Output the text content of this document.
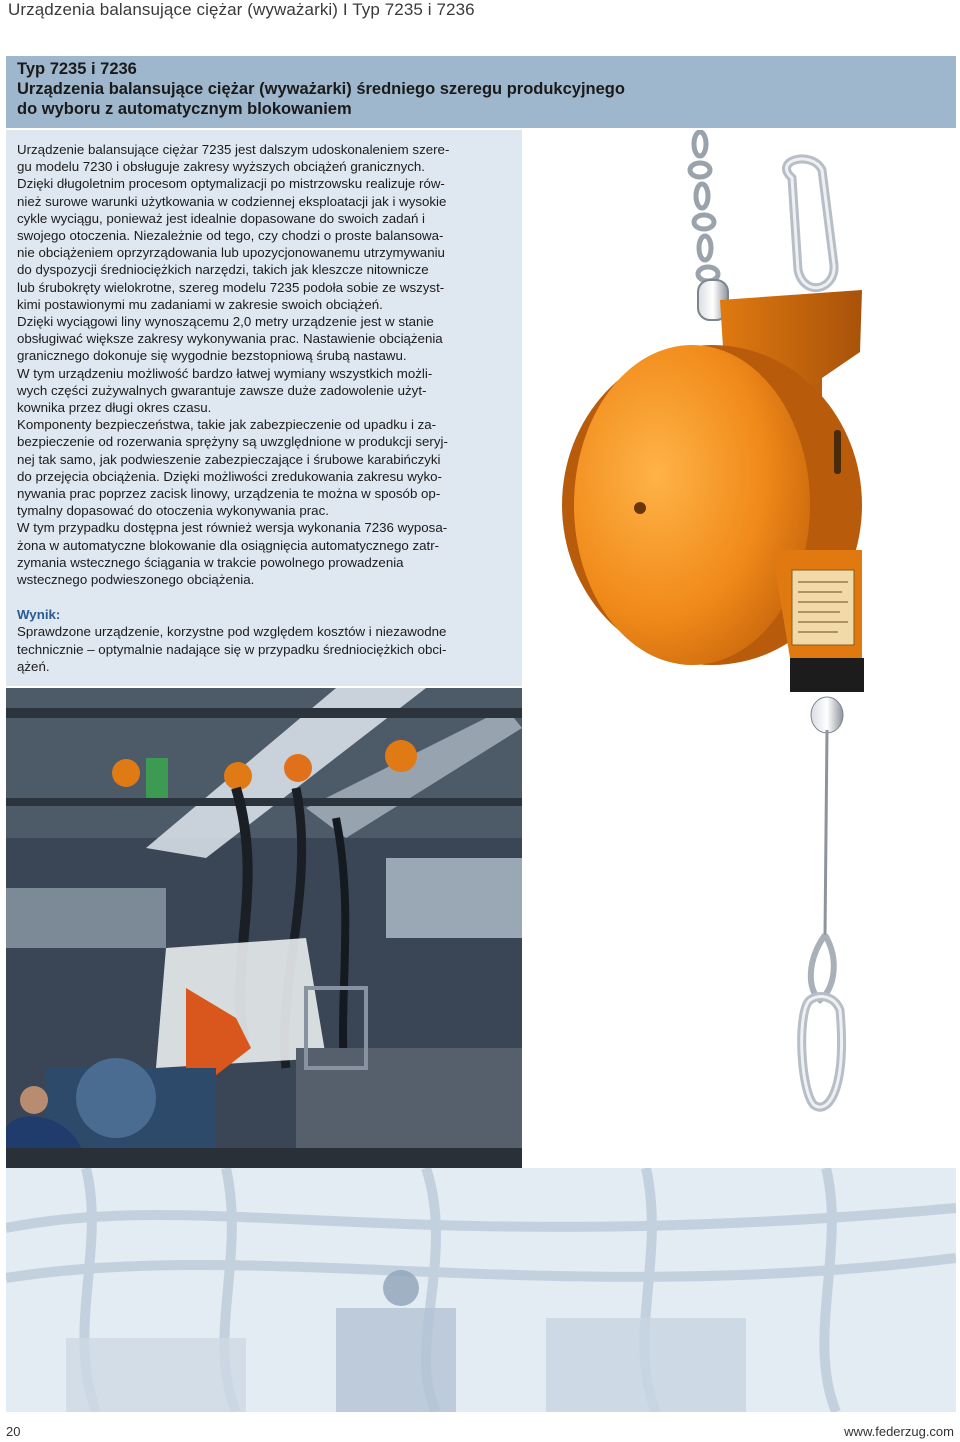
Urządzenia balansujące ciężar (wyważarki) I Typ 7235 i 7236
Typ 7235 i 7236
Urządzenia balansujące ciężar (wyważarki) średniego szeregu produkcyjnego
do wyboru z automatycznym blokowaniem

Urządzenie balansujące ciężar 7235 jest dalszym udoskonaleniem szere-

gu modelu 7230 i obsługuje zakresy wyższych obciążeń granicznych.

Dzięki długoletnim procesom optymalizacji po mistrzowsku realizuje rów-

nież surowe warunki użytkowania w codziennej eksploatacji jak i wysokie

cykle wyciągu, ponieważ jest idealnie dopasowane do swoich zadań i

swojego otoczenia. Niezależnie od tego, czy chodzi o proste balansowa-

nie obciążeniem oprzyrządowania lub upozycjonowanemu utrzymywaniu

do dyspozycji średniociężkich narzędzi, takich jak kleszcze nitownicze

lub śrubokręty wielokrotne, szereg modelu 7235 podoła sobie ze wszyst-

kimi postawionymi mu zadaniami w zakresie swoich obciążeń.

Dzięki wyciągowi liny wynoszącemu 2,0 metry urządzenie jest w stanie

obsługiwać większe zakresy wykonywania prac. Nastawienie obciążenia

granicznego dokonuje się wygodnie bezstopniową śrubą nastawu.

W tym urządzeniu możliwość bardzo łatwej wymiany wszystkich możli-

wych części zużywalnych gwarantuje zawsze duże zadowolenie użyt-

kownika przez długi okres czasu.

Komponenty bezpieczeństwa, takie jak zabezpieczenie od upadku i za-

bezpieczenie od rozerwania sprężyny są uwzględnione w produkcji seryj-

nej tak samo, jak podwieszenie zabezpieczające i śrubowe karabińczyki

do przejęcia obciążenia. Dzięki możliwości zredukowania zakresu wyko-

nywania prac poprzez zacisk linowy, urządzenia te można w sposób op-

tymalny dopasować do otoczenia wykonywania prac.

W tym przypadku dostępna jest również wersja wykonania 7236 wyposa-

żona w automatyczne blokowanie dla osiągnięcia automatycznego zatr-

zymania wstecznego ściągania w trakcie powolnego prowadzenia

wstecznego podwieszonego obciążenia.

Wynik:

Sprawdzone urządzenie, korzystne pod względem kosztów i niezawodne

technicznie – optymalnie nadające się w przypadku średniociężkich obci-

ążeń.

20	www.federzug.com
